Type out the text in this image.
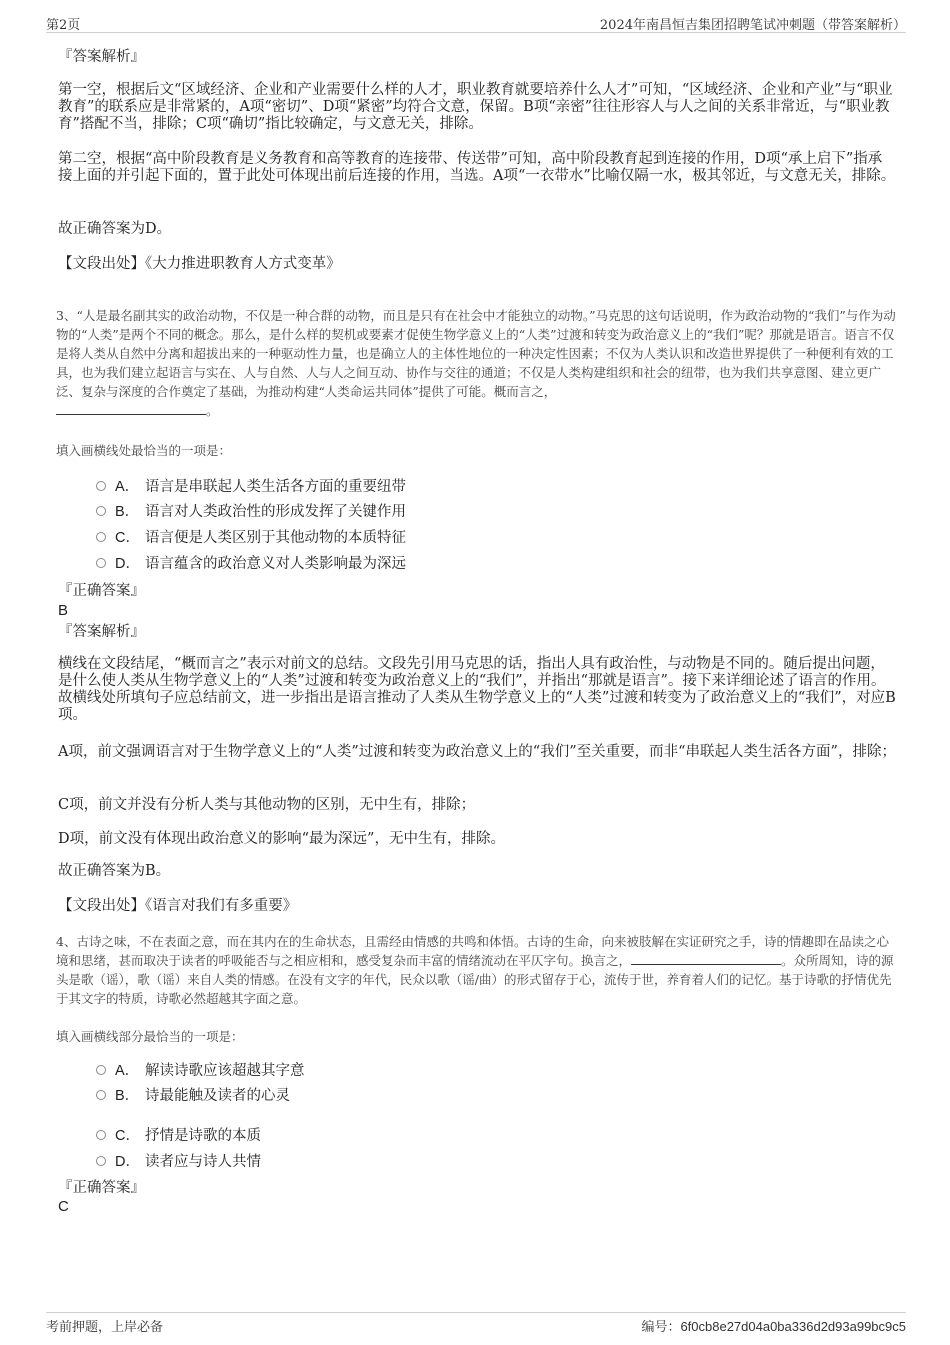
第2页	2024年南昌恒吉集团招聘笔试冲刺题（带答案解析）
『答案解析』

第一空，根据后文“区域经济、企业和产业需要什么样的人才，职业教育就要培养什么人才”可知，“区域经济、企业和产业”与“职业教育”的联系应是非常紧的，A项“密切”、D项“紧密”均符合文意，保留。B项“亲密”往往形容人与人之间的关系非常近，与“职业教育”搭配不当，排除；C项“确切”指比较确定，与文意无关，排除。

第二空，根据“高中阶段教育是义务教育和高等教育的连接带、传送带”可知，高中阶段教育起到连接的作用，D项“承上启下”指承接上面的并引起下面的，置于此处可体现出前后连接的作用，当选。A项“一衣带水”比喻仅隔一水，极其邻近，与文意无关，排除。

故正确答案为D。

【文段出处】《大力推进职教育人方式变革》

3、“人是最名副其实的政治动物，不仅是一种合群的动物，而且是只有在社会中才能独立的动物。”马克思的这句话说明，作为政治动物的“我们”与作为动物的“人类”是两个不同的概念。那么，是什么样的契机或要素才促使生物学意义上的“人类”过渡和转变为政治意义上的“我们”呢？那就是语言。语言不仅是将人类从自然中分离和超拔出来的一种驱动性力量，也是确立人的主体性地位的一种决定性因素；不仅为人类认识和改造世界提供了一种便利有效的工具，也为我们建立起语言与实在、人与自然、人与人之间互动、协作与交往的通道；不仅是人类构建组织和社会的纽带，也为我们共享意图、建立更广泛、复杂与深度的合作奠定了基础，为推动构建“人类命运共同体”提供了可能。概而言之，
。

填入画横线处最恰当的一项是：

A． 语言是串联起人类生活各方面的重要纽带
B． 语言对人类政治性的形成发挥了关键作用
C． 语言便是人类区别于其他动物的本质特征
D． 语言蕴含的政治意义对人类影响最为深远
『正确答案』
B
『答案解析』

横线在文段结尾，“概而言之”表示对前文的总结。文段先引用马克思的话，指出人具有政治性，与动物是不同的。随后提出问题，是什么使人类从生物学意义上的“人类”过渡和转变为政治意义上的“我们”，并指出“那就是语言”。接下来详细论述了语言的作用。故横线处所填句子应总结前文，进一步指出是语言推动了人类从生物学意义上的“人类”过渡和转变为了政治意义上的“我们”，对应B项。

A项，前文强调语言对于生物学意义上的“人类”过渡和转变为政治意义上的“我们”至关重要，而非“串联起人类生活各方面”，排除；

C项，前文并没有分析人类与其他动物的区别，无中生有，排除；

D项，前文没有体现出政治意义的影响“最为深远”，无中生有，排除。

故正确答案为B。

【文段出处】《语言对我们有多重要》

4、古诗之味，不在表面之意，而在其内在的生命状态，且需经由情感的共鸣和体悟。古诗的生命，向来被肢解在实证研究之手，诗的情趣即在品读之心境和思绪，甚而取决于读者的呼吸能否与之相应相和，感受复杂而丰富的情绪流动在平仄字句。换言之，	。众所周知，诗的源头是歌（谣），歌（谣）来自人类的情感。在没有文字的年代，民众以歌（谣/曲）的形式留存于心，流传于世，养育着人们的记忆。基于诗歌的抒情优先于其文字的特质，诗歌必然超越其字面之意。

填入画横线部分最恰当的一项是：

A． 解读诗歌应该超越其字意
B． 诗最能触及读者的心灵
C． 抒情是诗歌的本质
D． 读者应与诗人共情
『正确答案』
C
考前押题，上岸必备	编号：6f0cb8e27d04a0ba336d2d93a99bc9c5
